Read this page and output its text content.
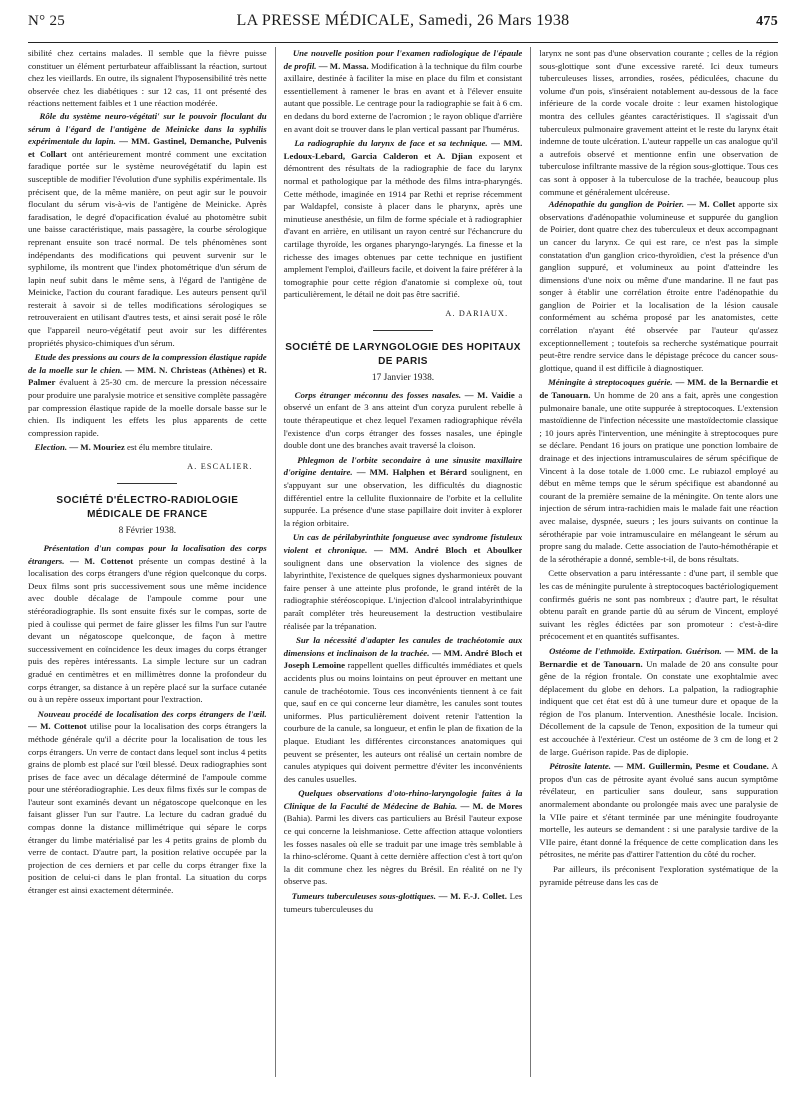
N° 25	LA PRESSE MÉDICALE, Samedi, 26 Mars 1938	475

sibilité chez certains malades. Il semble que la fièvre puisse constituer un élément perturbateur affaiblissant la réaction, surtout chez les vieillards. En outre, ils signalent l'hyposensibilité très nette observée chez les diabétiques : sur 12 cas, 11 ont présenté des réactions nettement faibles et 1 une réaction modérée.

Rôle du système neuro-végétati' sur le pouvoir floculant du sérum à l'égard de l'antigène de Meinicke dans la syphilis expérimentale du lapin. — MM. Gastinel, Demanche, Pulvenis et Collart ont antérieurement montré comment une excitation faradique portée sur le système neurovégétatif du lapin est susceptible de modifier l'évolution d'une syphilis expérimentale. Ils précisent que, de la même manière, on peut agir sur le pouvoir floculant du sérum vis-à-vis de l'antigène de Meinicke. Après faradisation, le degré d'opacification évalué au photomètre subit une baisse caractéristique, mais passagère, la courbe sérologique reprenant ensuite son tracé normal. De tels phénomènes sont indépendants des modifications qui peuvent survenir sur le syphilome, ils montrent que l'index photométrique d'un sérum de lapin neuf subit dans le même sens, à l'égard de l'antigène de Meinicke, l'action du courant faradique. Les auteurs pensent qu'il resterait à savoir si de telles modifications sérologiques se retrouveraient en utilisant d'autres tests, et ainsi serait posé le rôle que l'appareil neuro-végétatif peut avoir sur les différentes propriétés physico-chimiques d'un sérum.

Etude des pressions au cours de la compression élastique rapide de la moelle sur le chien. — MM. N. Christeas (Athènes) et R. Palmer évaluent à 25-30 cm. de mercure la pression nécessaire pour produire une paralysie motrice et sensitive complète passagère par compression élastique rapide de la moelle dorsale basse sur le chien. Ils indiquent les effets les plus apparents de cette compression rapide.

Election. — M. Mouriez est élu membre titulaire.

A. ESCALIER.
SOCIÉTÉ D'ÉLECTRO-RADIOLOGIE MÉDICALE DE FRANCE
8 Février 1938.

Présentation d'un compas pour la localisation des corps étrangers. — M. Cottenot présente un compas destiné à la localisation des corps étrangers d'une région quelconque du corps. Deux films sont pris successivement sous une même incidence avec double décalage de l'ampoule comme pour une stéréoradiographie. Ils sont ensuite fixés sur le compas, sorte de pied à coulisse qui permet de faire glisser les films l'un sur l'autre devant un négatoscope quelconque, de façon à mettre successivement en coïncidence les deux images du corps étranger puis des repères intéressants. La simple lecture sur un cadran gradué en centimètres et en millimètres donne la profondeur du corps étranger, sa distance à un repère placé sur la surface cutanée ou à un repère osseux important pour l'extraction.

Nouveau procédé de localisation des corps étrangers de l'œil. — M. Cottenot utilise pour la localisation des corps étrangers la méthode générale qu'il a décrite pour la localisation de tous les corps étrangers. Un verre de contact dans lequel sont inclus 4 petits grains de plomb est placé sur l'œil blessé. Deux radiographies sont prises de face avec un décalage déterminé de l'ampoule comme pour une stéréoradiographie. Les deux films fixés sur le compas de l'auteur sont examinés devant un négatoscope quelconque en les faisant glisser l'un sur l'autre. La lecture du cadran gradué du compas donne la distance millimétrique qui sépare le corps étranger du limbe matérialisé par les 4 petits grains de plomb du verre de contact. D'autre part, la position relative occupée par la projection de ces derniers et par celle du corps étranger fixe la position de celui-ci dans le plan frontal. La situation du corps étranger est ainsi exactement déterminée.

Une nouvelle position pour l'examen radiologique de l'épaule de profil. — M. Massa. Modification à la technique du film courbe axillaire, destinée à faciliter la mise en place du film et consistant essentiellement à ramener le bras en avant et à l'élever ensuite autant que possible. Le centrage pour la radiographie se fait à 6 cm. en dedans du bord externe de l'acromion ; le rayon oblique d'arrière en avant doit se trouver dans le plan vertical passant par l'humérus.

La radiographie du larynx de face et sa technique. — MM. Ledoux-Lebard, Garcia Calderon et A. Djian exposent et démontrent des résultats de la radiographie de face du larynx normal et pathologique par la méthode des films intra-pharyngés. Cette méthode, imaginée en 1914 par Rethi et reprise récemment par Waldapfel, consiste à placer dans le pharynx, après une minutieuse anesthésie, un film de forme spéciale et à radiographier d'avant en arrière, en utilisant un rayon centré sur l'échancrure du cartilage thyroïde, les organes pharyngo-laryngés. La finesse et la richesse des images obtenues par cette technique en justifient amplement l'emploi, d'ailleurs facile, et doivent la faire préférer à la tomographie pour cette région d'anatomie si complexe où, tout particulièrement, le détail ne doit pas être sacrifié.

A. DARIAUX.
SOCIÉTÉ DE LARYNGOLOGIE DES HOPITAUX DE PARIS
17 Janvier 1938.

Corps étranger méconnu des fosses nasales. — M. Vaidie a observé un enfant de 3 ans atteint d'un coryza purulent rebelle à toute thérapeutique et chez lequel l'examen radiographique révéla l'existence d'un corps étranger des fosses nasales, une épingle double dont une des branches avait traversé la cloison.

Phlegmon de l'orbite secondaire à une sinusite maxillaire d'origine dentaire. — MM. Halphen et Bérard soulignent, en s'appuyant sur une observation, les difficultés du diagnostic différentiel entre la cellulite fluxionnaire de l'orbite et la cellulite suppurée. La présence d'une stase papillaire doit inviter à explorer la région orbitaire.

Un cas de périlabyrinthite fongueuse avec syndrome fistuleux violent et chronique. — MM. André Bloch et Aboulker soulignent dans une observation la violence des signes de labyrinthite, l'existence de quelques signes dysharmonieux pouvant faire penser à une atteinte plus profonde, le grand intérêt de la radiographie stéréoscopique. L'injection d'alcool intralabyrinthique paraît compléter très heureusement la destruction vestibulaire réalisée par la trépanation.

Sur la nécessité d'adapter les canules de trachéotomie aux dimensions et inclinaison de la trachée. — MM. André Bloch et Joseph Lemoine rappellent quelles difficultés immédiates et quels accidents plus ou moins lointains on peut éprouver en mettant une canule de trachéotomie. Tous ces inconvénients tiennent à ce fait que, sauf en ce qui concerne leur diamètre, les canules sont toutes uniformes. Plus particulièrement doivent retenir l'attention la courbure de la canule, sa longueur, et enfin le plan de fixation de la plaque. Etudiant les différentes circonstances anatomiques qui peuvent se présenter, les auteurs ont réalisé un certain nombre de canules atypiques qui doivent permettre d'éviter les inconvénients des canules usuelles.

Quelques observations d'oto-rhino-laryngologie faites à la Clinique de la Faculté de Médecine de Bahia. — M. de Mores (Bahia). Parmi les divers cas particuliers au Brésil l'auteur expose ce qui concerne la leishmaniose. Cette affection attaque volontiers les fosses nasales où elle se traduit par une image très semblable à la rhino-sclérome. Quant à cette dernière affection c'est à tort qu'on la dit commune chez les nègres du Brésil. En réalité on ne l'y observe pas.

Tumeurs tuberculeuses sous-glottiques. — M. F.-J. Collet. Les tumeurs tuberculeuses du

larynx ne sont pas d'une observation courante ; celles de la région sous-glottique sont d'une excessive rareté. Ici deux tumeurs tuberculeuses lisses, arrondies, rosées, pédiculées, chacune du volume d'un pois, s'inséraient notablement au-dessous de la face inférieure de la corde vocale droite : leur examen histologique montra des cellules géantes caractéristiques. Il s'agissait d'un tuberculeux pulmonaire gravement atteint et le reste du larynx était indemne de toute ulcération. L'auteur rappelle un cas analogue qu'il a autrefois observé et mentionne enfin une observation de tuberculose infiltrante massive de la région sous-glottique. Tous ces cas sont à opposer à la tuberculose de la trachée, beaucoup plus commune et généralement ulcéreuse.

Adénopathie du ganglion de Poirier. — M. Collet apporte six observations d'adénopathie volumineuse et suppurée du ganglion de Poirier, dont quatre chez des tuberculeux et deux accompagnant un cancer du larynx. Ce qui est rare, ce n'est pas la simple constatation d'un ganglion crico-thyroïdien, c'est la présence d'un ganglion suppuré, et volumineux au point d'atteindre les dimensions d'une noix ou même d'une mandarine. Il ne faut pas songer à établir une corrélation étroite entre l'adénopathie du ganglion de Poirier et la localisation de la lésion causale conformément au schéma proposé par les anatomistes, cette corrélation n'ayant été observée par l'auteur qu'assez exceptionnellement ; toutefois sa recherche systématique pourrait peut-être rendre service dans le dépistage précoce du cancer sous-glottique, quand il est difficile à diagnostiquer.

Méningite à streptocoques guérie. — MM. de la Bernardie et de Tanouarn. Un homme de 20 ans a fait, après une congestion pulmonaire banale, une otite suppurée à streptocoques. L'extension mastoïdienne de l'infection nécessite une mastoïdectomie classique ; 10 jours après l'intervention, une méningite à streptocoques pure se déclare. Pendant 16 jours on pratique une ponction lombaire de drainage et des injections intramusculaires de sérum spécifique de Vincent à la dose totale de 1.000 cmc. Le rubiazol employé au début en même temps que le sérum spécifique est abandonné au courant de la première semaine de la méningite. On tente alors une injection de sérum intra-rachidien mais le malade fait une réaction avec malaise, dyspnée, sueurs ; les jours suivants on continue la sérothérapie par voie intramusculaire en mélangeant le sérum au propre sang du malade. Cette association de l'auto-hémothérapie et de la sérothérapie a donné, semble-t-il, de bons résultats.

Cette observation a paru intéressante : d'une part, il semble que les cas de méningite purulente à streptocoques bactériologiquement confirmés guéris ne sont pas nombreux ; d'autre part, le résultat obtenu paraît en grande partie dû au sérum de Vincent, employé suivant les règles édictées par son promoteur : c'est-à-dire précocement et en quantités suffisantes.

Ostéome de l'ethmoïde. Extirpation. Guérison. — MM. de la Bernardie et de Tanouarn. Un malade de 20 ans consulte pour gêne de la région frontale. On constate une exophtalmie avec déplacement du globe en dehors. La palpation, la radiographie indiquent que cet état est dû à une tumeur dure et opaque de la région de l'os planum. Intervention. Anesthésie locale. Incision. Décollement de la capsule de Tenon, exposition de la tumeur qui est accouchée à l'extérieur. C'est un ostéome de 3 cm de long et 2 de large. Guérison rapide. Pas de diplopie.

Pétrosite latente. — MM. Guillermin, Pesme et Coudane. A propos d'un cas de pétrosite ayant évolué sans aucun symptôme révélateur, en particulier sans douleur, sans suppuration anormalement abondante ou prolongée mais avec une paralysie de la VIIe paire et s'étant terminée par une méningite foudroyante mortelle, les auteurs se demandent : si une paralysie tardive de la VIIe paire, étant donné la fréquence de cette complication dans les pétrosites, ne mérite pas d'attirer l'attention du côté du rocher.

Par ailleurs, ils préconisent l'exploration systématique de la pyramide pétreuse dans les cas de
